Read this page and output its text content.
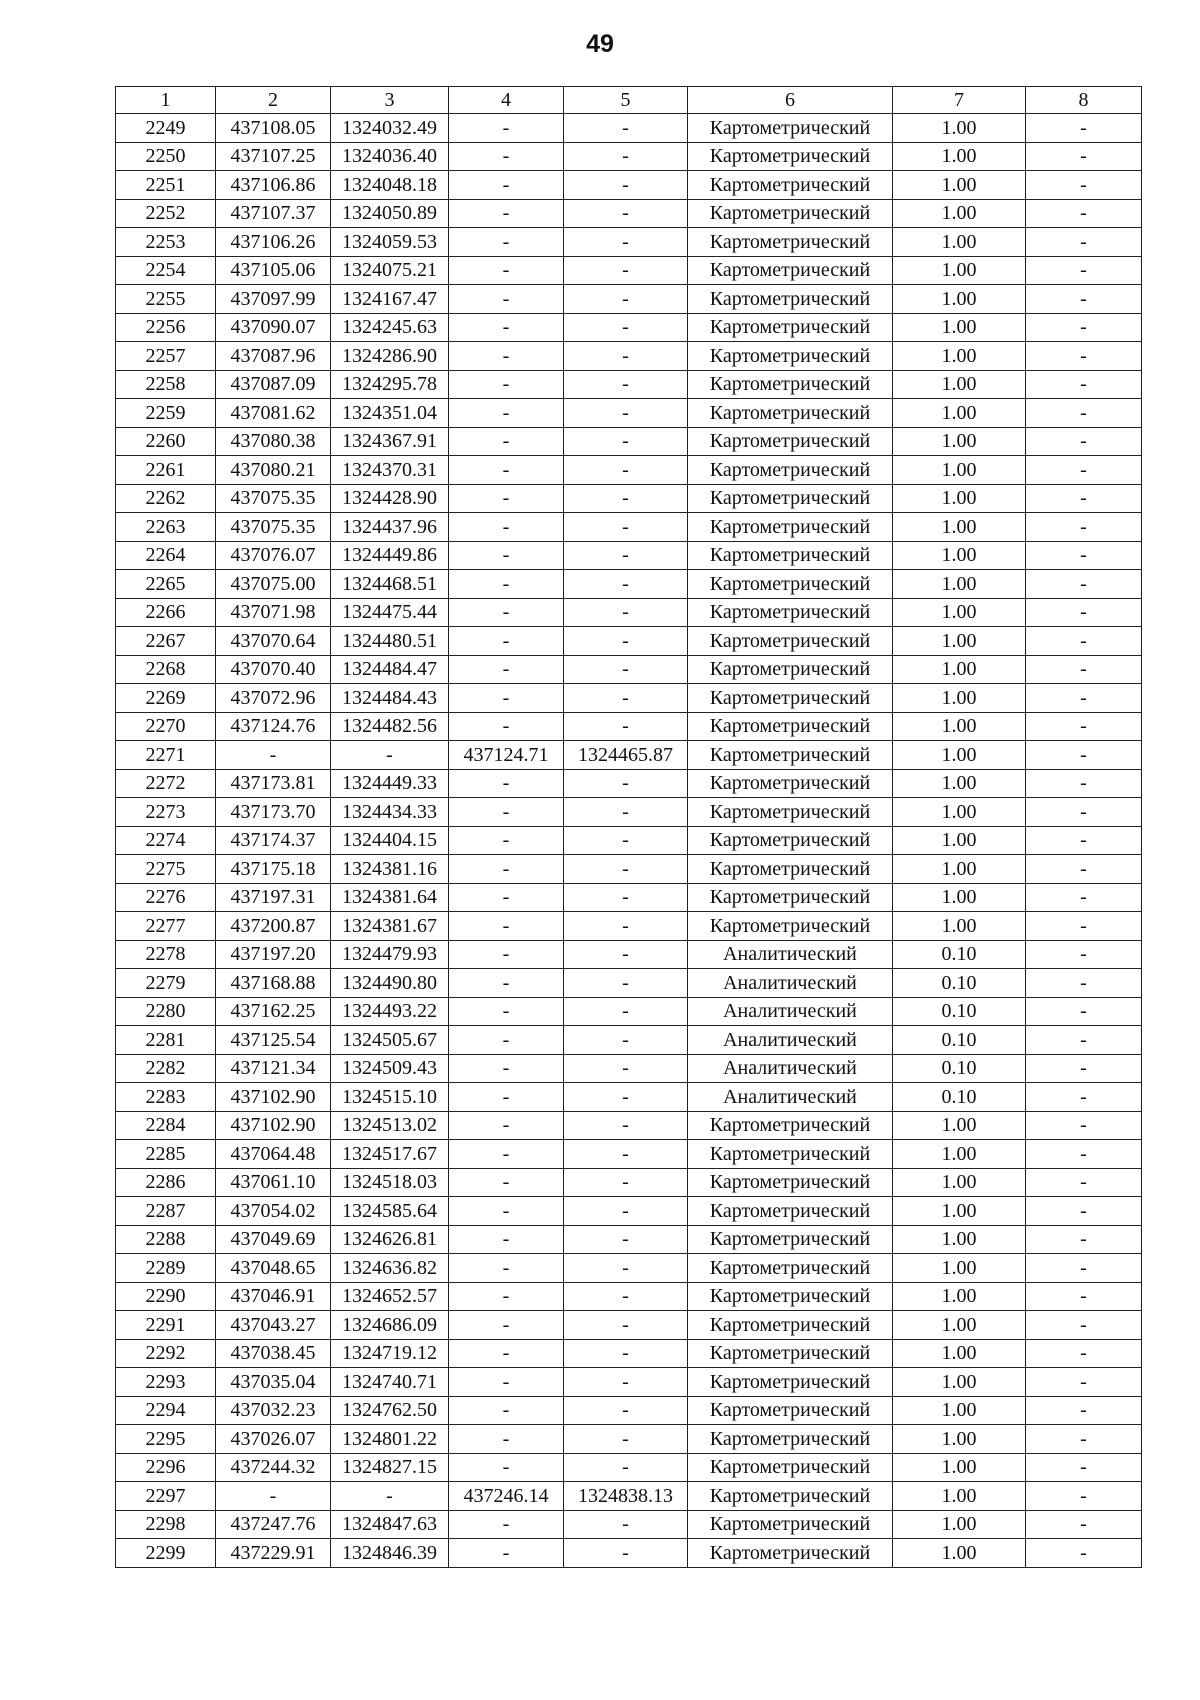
49
1	2	3	4	5	6	7	8
2249	437108.05	1324032.49	-	-	Картометрический	1.00	-
2250	437107.25	1324036.40	-	-	Картометрический	1.00	-
2251	437106.86	1324048.18	-	-	Картометрический	1.00	-
2252	437107.37	1324050.89	-	-	Картометрический	1.00	-
2253	437106.26	1324059.53	-	-	Картометрический	1.00	-
2254	437105.06	1324075.21	-	-	Картометрический	1.00	-
2255	437097.99	1324167.47	-	-	Картометрический	1.00	-
2256	437090.07	1324245.63	-	-	Картометрический	1.00	-
2257	437087.96	1324286.90	-	-	Картометрический	1.00	-
2258	437087.09	1324295.78	-	-	Картометрический	1.00	-
2259	437081.62	1324351.04	-	-	Картометрический	1.00	-
2260	437080.38	1324367.91	-	-	Картометрический	1.00	-
2261	437080.21	1324370.31	-	-	Картометрический	1.00	-
2262	437075.35	1324428.90	-	-	Картометрический	1.00	-
2263	437075.35	1324437.96	-	-	Картометрический	1.00	-
2264	437076.07	1324449.86	-	-	Картометрический	1.00	-
2265	437075.00	1324468.51	-	-	Картометрический	1.00	-
2266	437071.98	1324475.44	-	-	Картометрический	1.00	-
2267	437070.64	1324480.51	-	-	Картометрический	1.00	-
2268	437070.40	1324484.47	-	-	Картометрический	1.00	-
2269	437072.96	1324484.43	-	-	Картометрический	1.00	-
2270	437124.76	1324482.56	-	-	Картометрический	1.00	-
2271	-	-	437124.71	1324465.87	Картометрический	1.00	-
2272	437173.81	1324449.33	-	-	Картометрический	1.00	-
2273	437173.70	1324434.33	-	-	Картометрический	1.00	-
2274	437174.37	1324404.15	-	-	Картометрический	1.00	-
2275	437175.18	1324381.16	-	-	Картометрический	1.00	-
2276	437197.31	1324381.64	-	-	Картометрический	1.00	-
2277	437200.87	1324381.67	-	-	Картометрический	1.00	-
2278	437197.20	1324479.93	-	-	Аналитический	0.10	-
2279	437168.88	1324490.80	-	-	Аналитический	0.10	-
2280	437162.25	1324493.22	-	-	Аналитический	0.10	-
2281	437125.54	1324505.67	-	-	Аналитический	0.10	-
2282	437121.34	1324509.43	-	-	Аналитический	0.10	-
2283	437102.90	1324515.10	-	-	Аналитический	0.10	-
2284	437102.90	1324513.02	-	-	Картометрический	1.00	-
2285	437064.48	1324517.67	-	-	Картометрический	1.00	-
2286	437061.10	1324518.03	-	-	Картометрический	1.00	-
2287	437054.02	1324585.64	-	-	Картометрический	1.00	-
2288	437049.69	1324626.81	-	-	Картометрический	1.00	-
2289	437048.65	1324636.82	-	-	Картометрический	1.00	-
2290	437046.91	1324652.57	-	-	Картометрический	1.00	-
2291	437043.27	1324686.09	-	-	Картометрический	1.00	-
2292	437038.45	1324719.12	-	-	Картометрический	1.00	-
2293	437035.04	1324740.71	-	-	Картометрический	1.00	-
2294	437032.23	1324762.50	-	-	Картометрический	1.00	-
2295	437026.07	1324801.22	-	-	Картометрический	1.00	-
2296	437244.32	1324827.15	-	-	Картометрический	1.00	-
2297	-	-	437246.14	1324838.13	Картометрический	1.00	-
2298	437247.76	1324847.63	-	-	Картометрический	1.00	-
2299	437229.91	1324846.39	-	-	Картометрический	1.00	-
